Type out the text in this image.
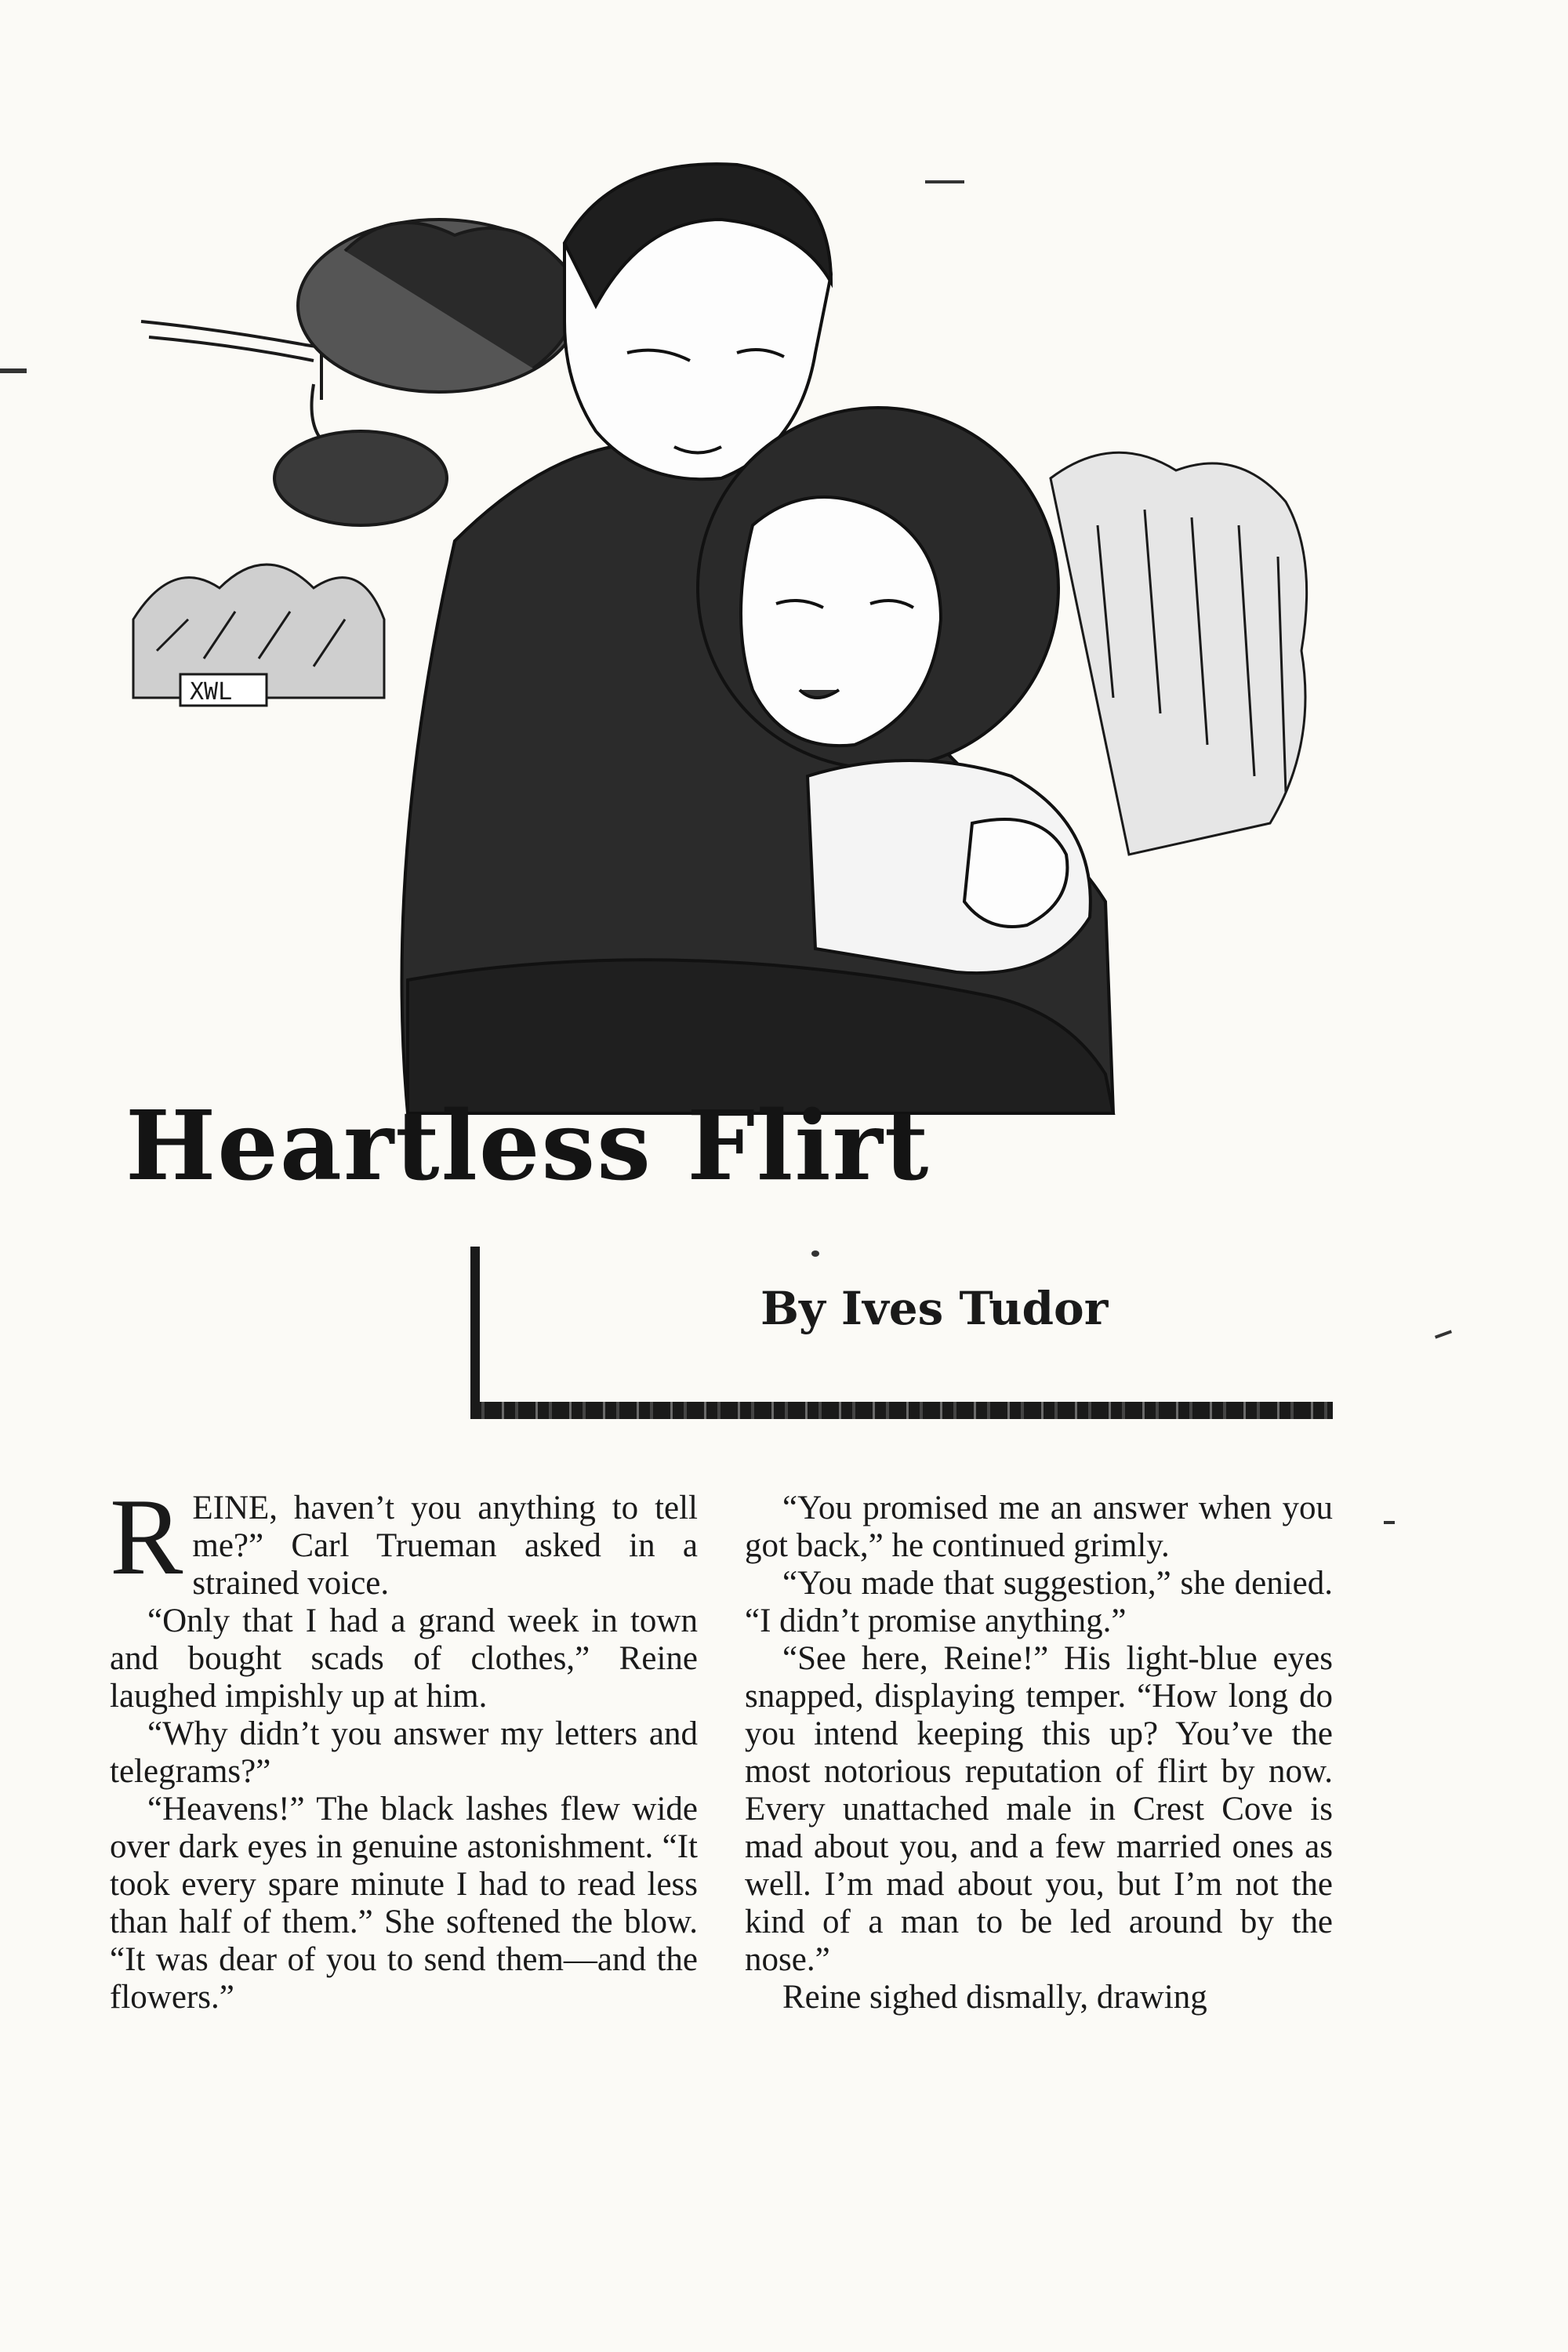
XWL
Heartless Flirt

By Ives Tudor

REINE, haven’t you anything to tell me?” Carl Trueman asked in a strained voice.

“Only that I had a grand week in town and bought scads of clothes,” Reine laughed impishly up at him.

“Why didn’t you answer my letters and telegrams?”

“Heavens!” The black lashes flew wide over dark eyes in genuine astonishment. “It took every spare minute I had to read less than half of them.” She softened the blow. “It was dear of you to send them—and the flowers.”

“You promised me an answer when you got back,” he continued grimly.

“You made that suggestion,” she denied. “I didn’t promise anything.”

“See here, Reine!” His light-blue eyes snapped, displaying temper. “How long do you intend keeping this up? You’ve the most notorious reputation of flirt by now. Every unattached male in Crest Cove is mad about you, and a few married ones as well. I’m mad about you, but I’m not the kind of a man to be led around by the nose.”

Reine sighed dismally, drawing
